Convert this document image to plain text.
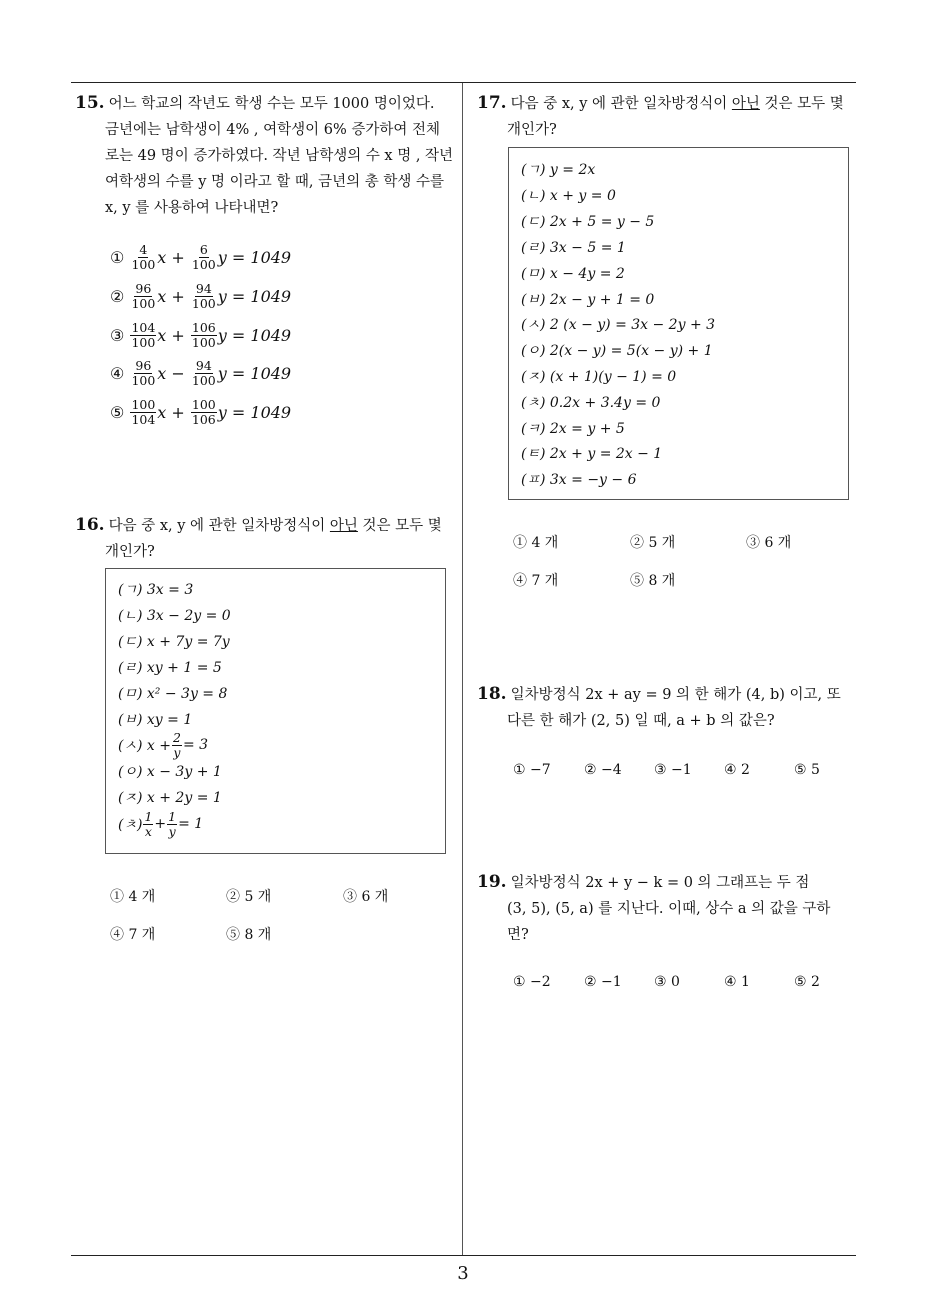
3
15. 어느 학교의 작년도 학생 수는 모두 1000 명이었다.
금년에는 남학생이 4% , 여학생이 6% 증가하여 전체
로는 49 명이 증가하였다. 작년 남학생의 수 x 명 , 작년
여학생의 수를 y 명 이라고 할 때, 금년의 총 학생 수를
x, y 를 사용하여 나타내면?
①
$\frac{4}{100}$ x +
$\frac{6}{100}$ y = 1049
②
$\frac{96}{100}$ x +
$\frac{94}{100}$ y = 1049
③
$\frac{104}{100}$ x +
$\frac{106}{100}$ y = 1049
④
$\frac{96}{100}$ x −
$\frac{94}{100}$ y = 1049
⑤
$\frac{100}{104}$ x +
$\frac{100}{106}$ y = 1049
16. 다음 중 x, y 에 관한 일차방정식이 아닌 것은 모두 몇
개인가?
(ㄱ) 3x = 3
(ㄴ) 3x − 2y = 0
(ㄷ) x + 7y = 7y
(ㄹ) xy + 1 = 5
(ㅁ) x² − 3y = 8
(ㅂ) xy = 1
(ㅅ) $x + \frac{2}{y} = 3$
(ㅇ) x − 3y + 1
(ㅈ) x + 2y = 1
(ㅊ) $\frac{1}{x} + \frac{1}{y} = 1$
① 4 개	② 5 개	③ 6 개
④ 7 개	⑤ 8 개
17. 다음 중 x, y 에 관한 일차방정식이 아닌 것은 모두 몇
개인가?
(ㄱ) y = 2x
(ㄴ) x + y = 0
(ㄷ) 2x + 5 = y − 5
(ㄹ) 3x − 5 = 1
(ㅁ) x − 4y = 2
(ㅂ) 2x − y + 1 = 0
(ㅅ) 2 (x − y) = 3x − 2y + 3
(ㅇ) 2(x − y) = 5(x − y) + 1
(ㅈ) (x + 1)(y − 1) = 0
(ㅊ) 0.2x + 3.4y = 0
(ㅋ) 2x = y + 5
(ㅌ) 2x + y = 2x − 1
(ㅍ) 3x = −y − 6
① 4 개	② 5 개	③ 6 개
④ 7 개	⑤ 8 개
18. 일차방정식 2x + ay = 9 의 한 해가 (4, b) 이고, 또
다른 한 해가 (2, 5) 일 때, a + b 의 값은?
① −7 ② −4 ③ −1 ④ 2	⑤ 5
19. 일차방정식 2x + y − k = 0 의 그래프는 두 점
(3, 5), (5, a) 를 지난다. 이때, 상수 a 의 값을 구하
면?
① −2 ② −1 ③ 0	④ 1	⑤ 2
